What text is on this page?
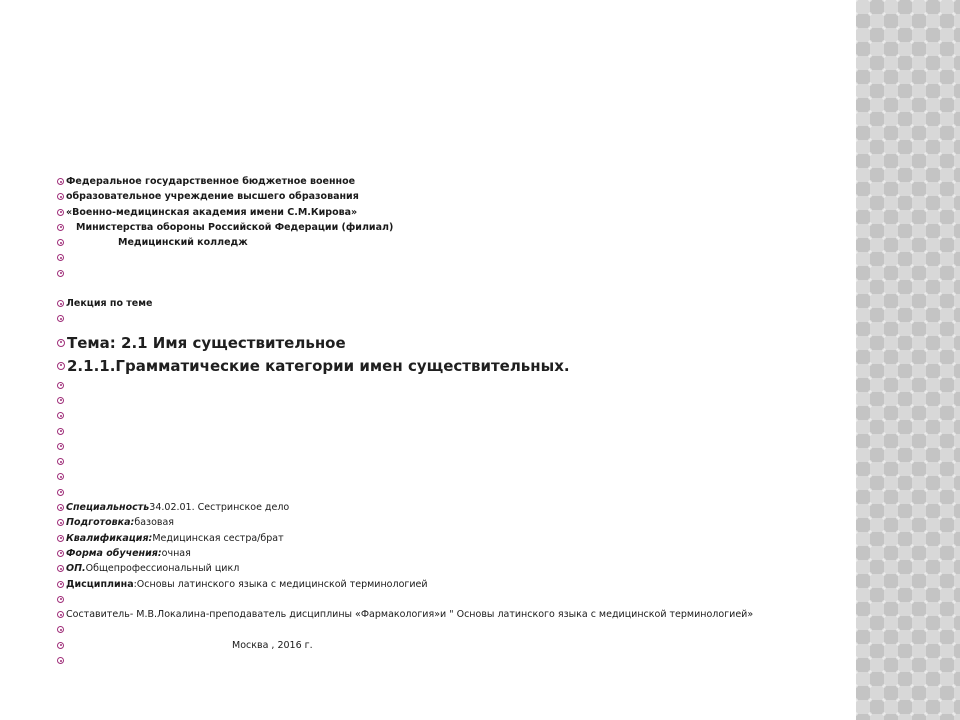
Федеральное государственное бюджетное военное
образовательное учреждение высшего образования
«Военно-медицинская академия имени С.М.Кирова»
Министерства обороны Российской Федерации (филиал)
Медицинский колледж
Лекция по теме
Тема: 2.1 Имя существительное
2.1.1.Грамматические категории имен существительных.
Специальность 34.02.01. Сестринское дело
Подготовка: базовая
Квалификация: Медицинская сестра/брат
Форма обучения: очная
ОП. Общепрофессиональный цикл
Дисциплина :Основы латинского языка с медицинской терминологией
Составитель- М.В.Локалина-преподаватель дисциплины «Фармакология»и " Основы латинского языка с медицинской терминологией»
Москва , 2016 г.
